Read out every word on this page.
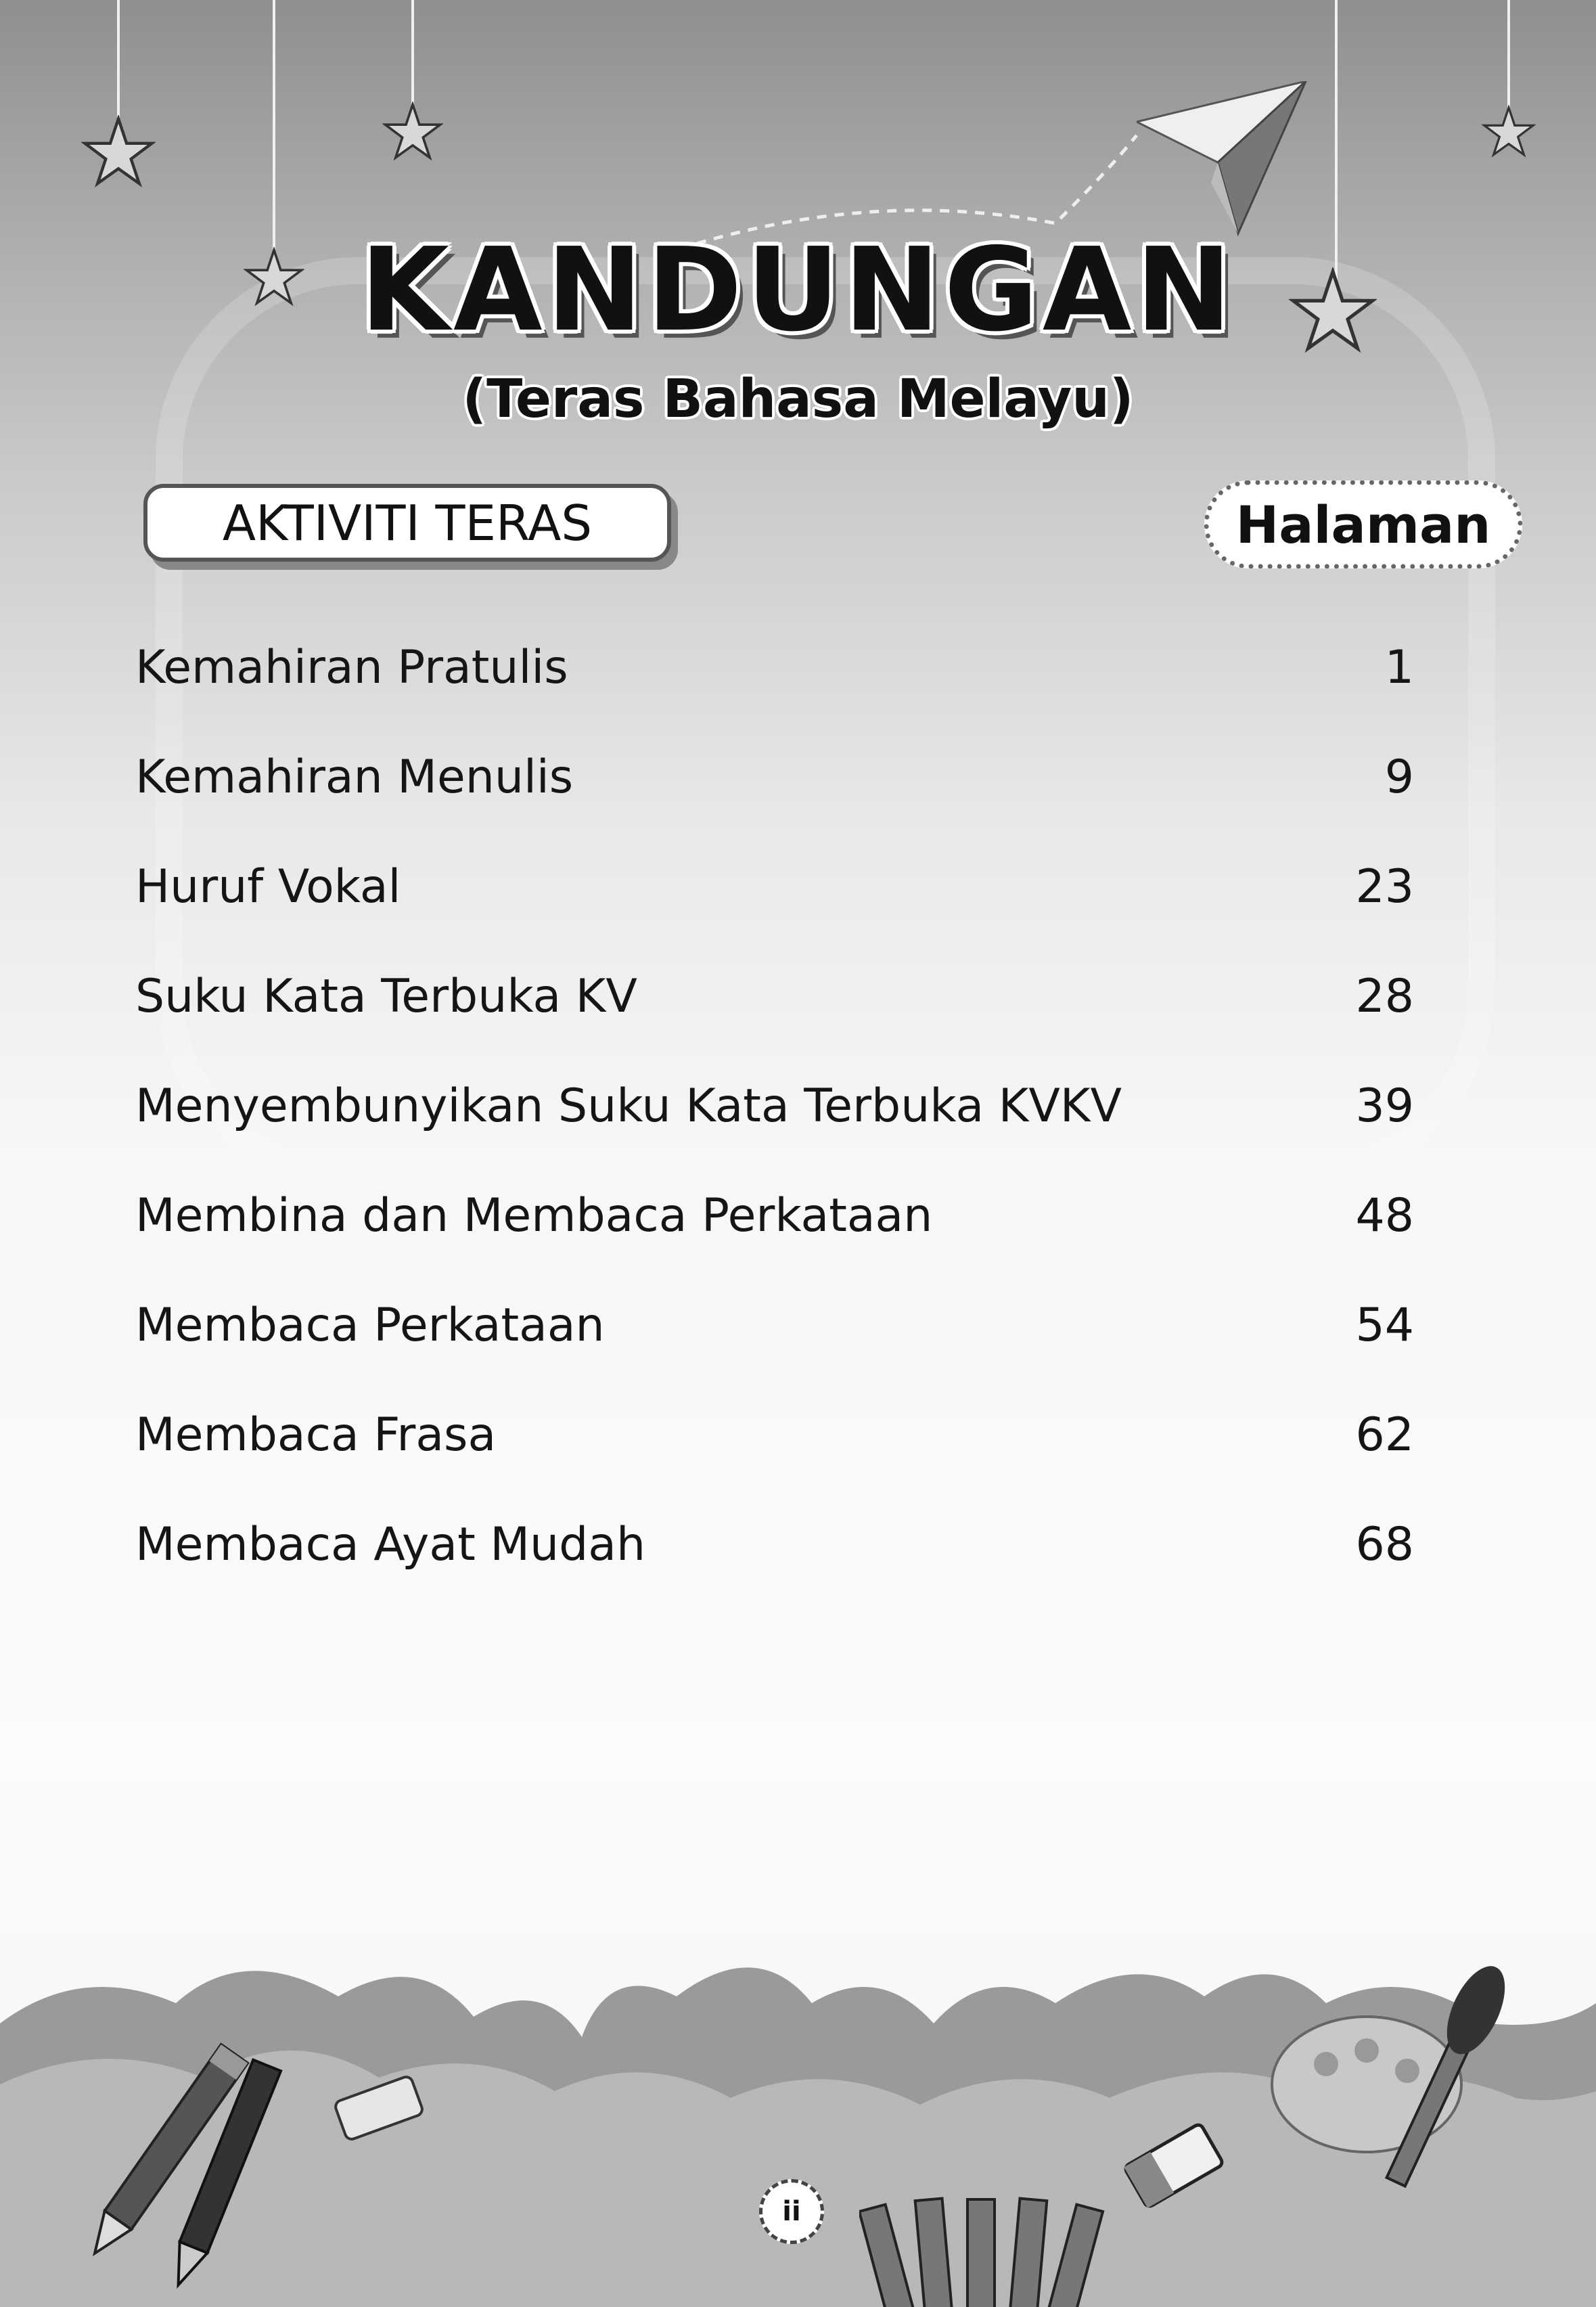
KANDUNGAN
(Teras Bahasa Melayu)
AKTIVITI TERAS	Halaman
Kemahiran Pratulis	1
Kemahiran Menulis	9
Huruf Vokal	23
Suku Kata Terbuka KV	28
Menyembunyikan Suku Kata Terbuka KVKV	39
Membina dan Membaca Perkataan	48
Membaca Perkataan	54
Membaca Frasa	62
Membaca Ayat Mudah	68
ii
